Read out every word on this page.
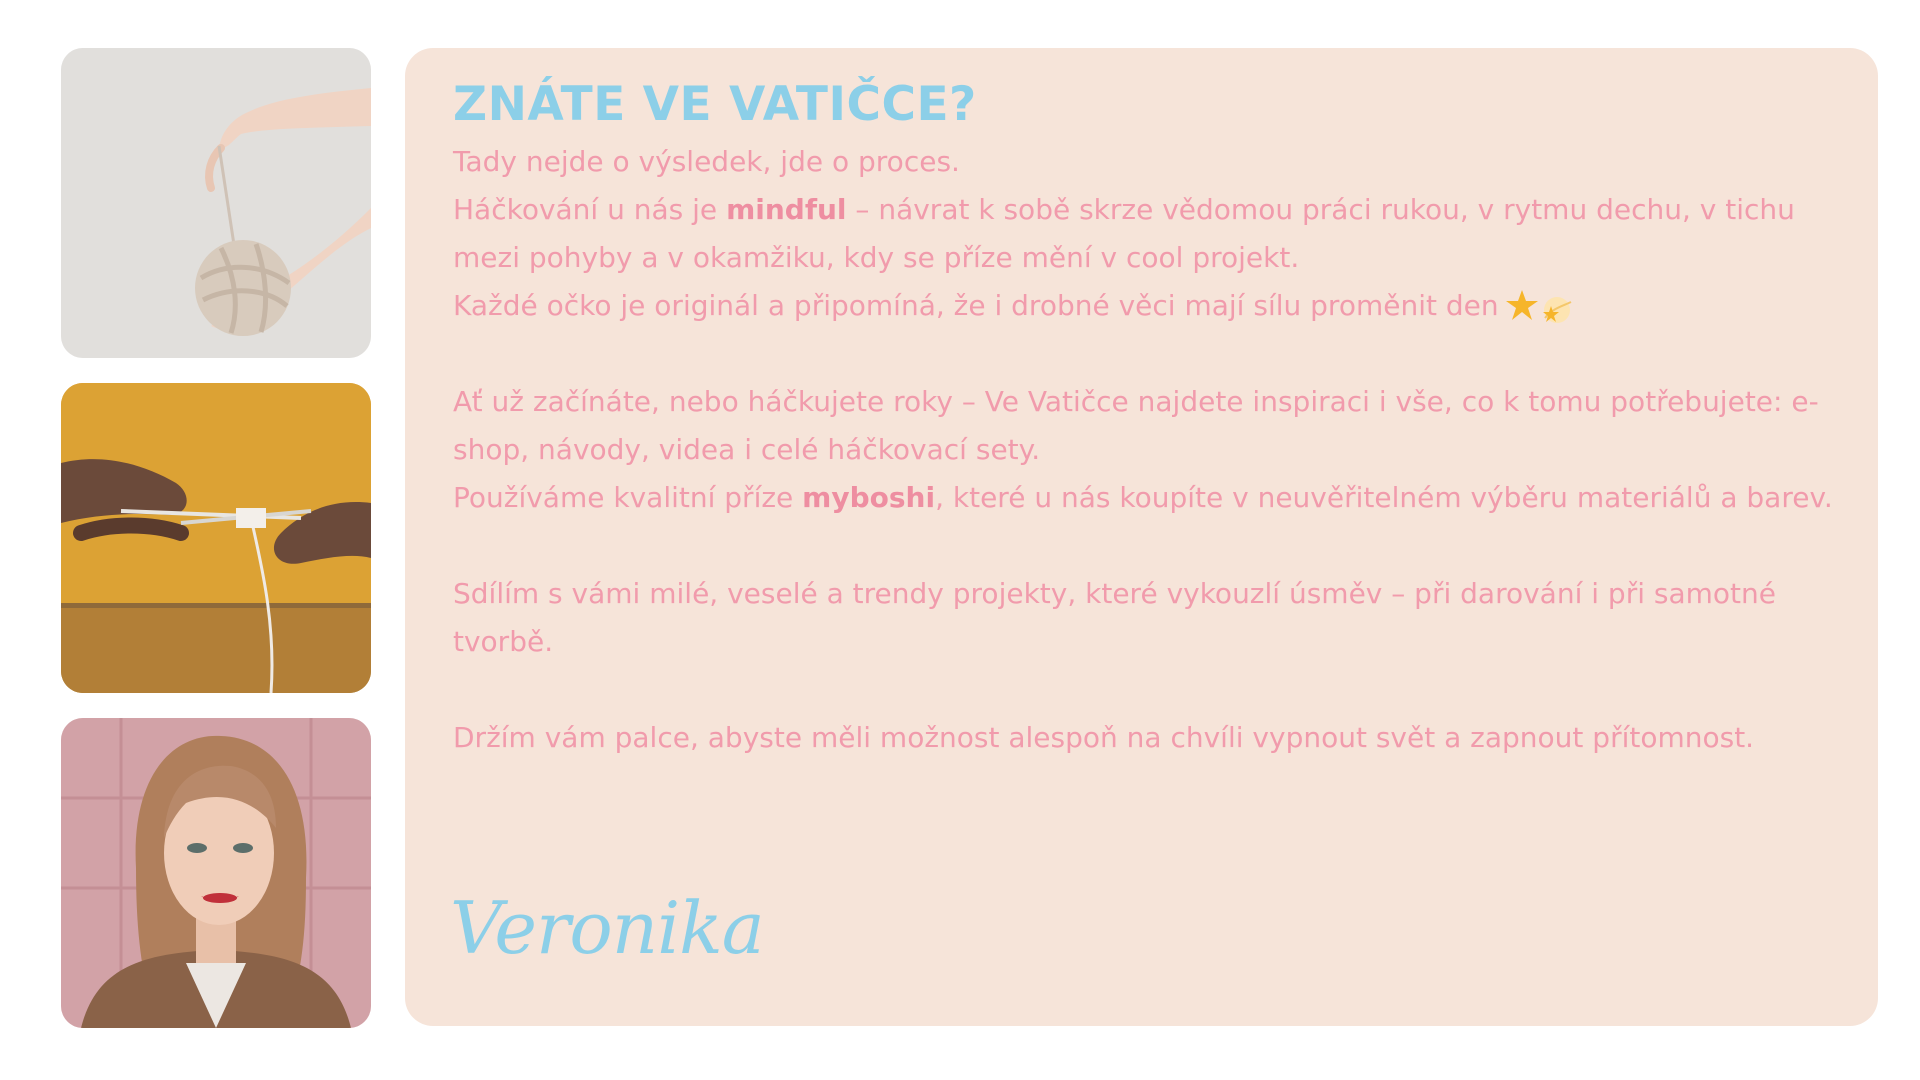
ZNÁTE VE VATIČCE?

Tady nejde o výsledek, jde o proces.
Háčkování u nás je mindful – návrat k sobě skrze vědomou práci rukou, v rytmu dechu, v tichu mezi pohyby a v okamžiku, kdy se příze mění v cool projekt.
Každé očko je originál a připomíná, že i drobné věci mají sílu proměnit den

Ať už začínáte, nebo háčkujete roky – Ve Vatičce najdete inspiraci i vše, co k tomu potřebujete: e-shop, návody, videa i celé háčkovací sety.
Používáme kvalitní příze myboshi, které u nás koupíte v neuvěřitelném výběru materiálů a barev.

Sdílím s vámi milé, veselé a trendy projekty, které vykouzlí úsměv – při darování i při samotné tvorbě.

Držím vám palce, abyste měli možnost alespoň na chvíli vypnout svět a zapnout přítomnost.

Veronika
